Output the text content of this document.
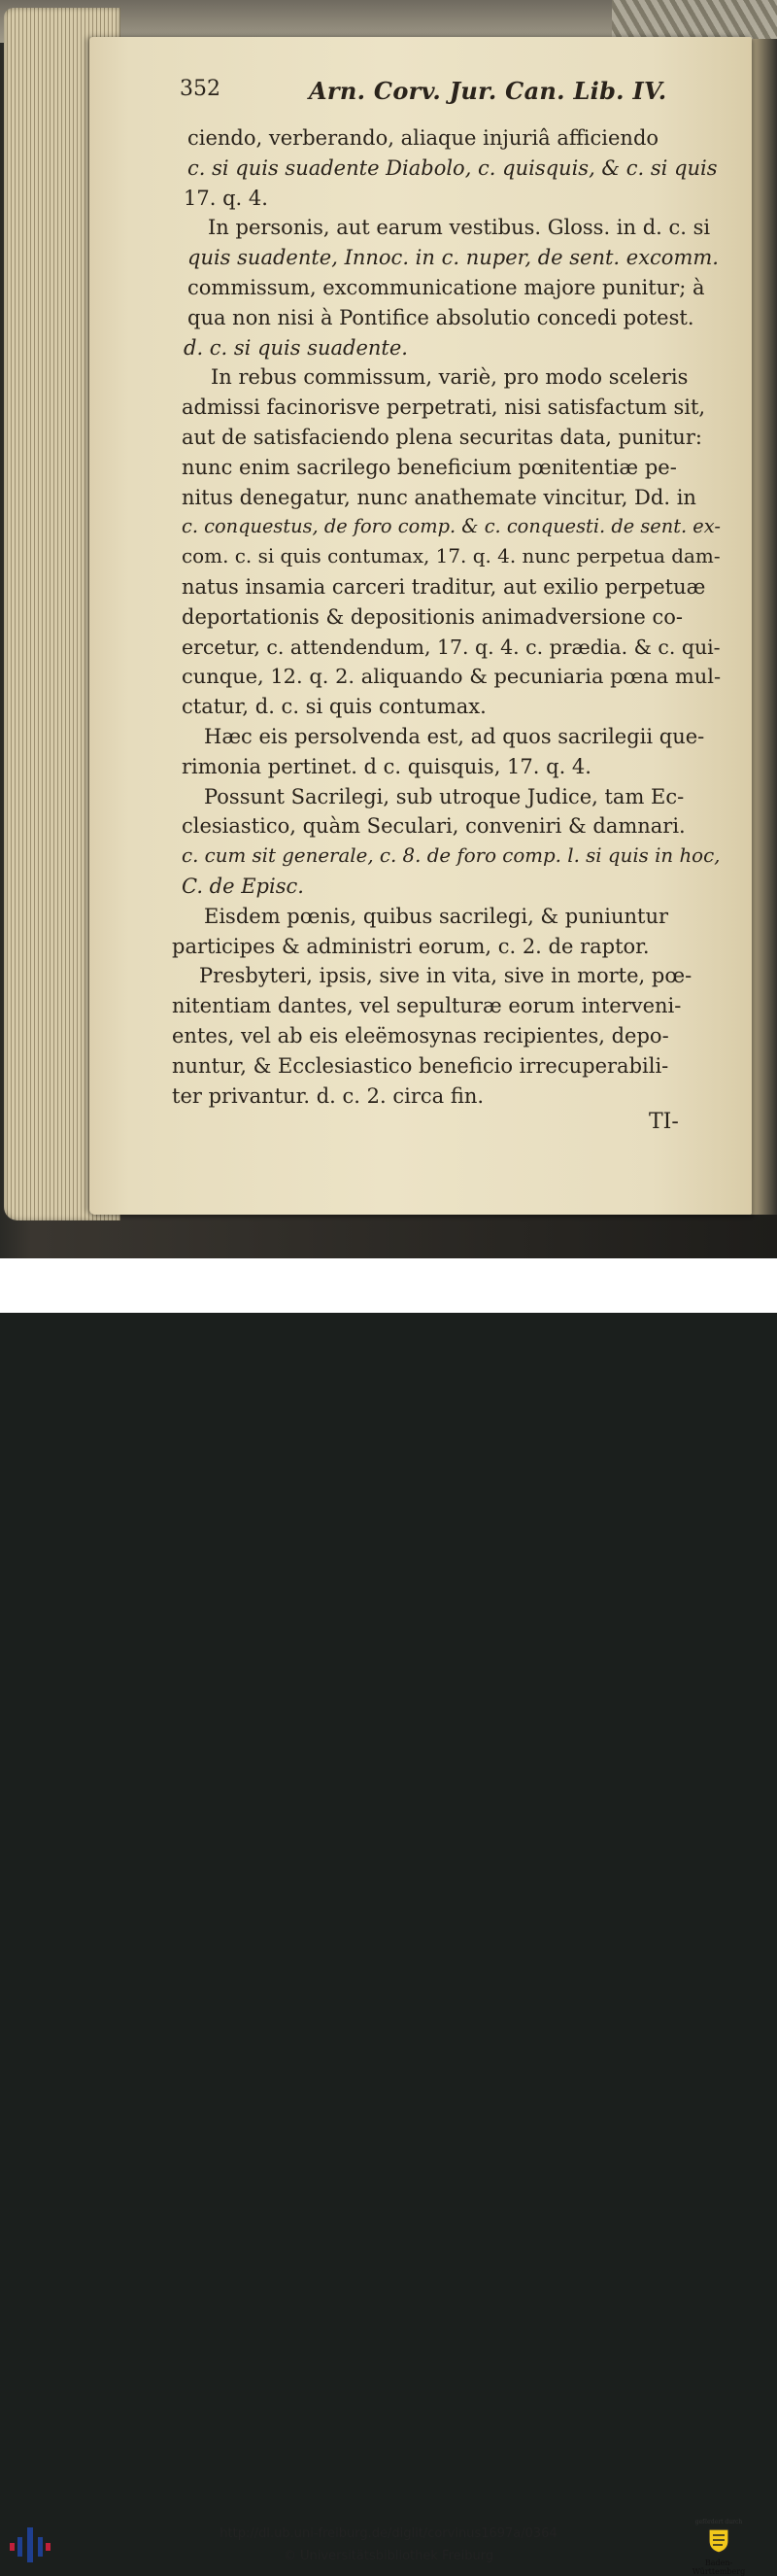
352	Arn. Corv. Jur. Can. Lib. IV.
ciendo, verberando, aliaque injuriâ afficiendo
c. si quis suadente Diabolo, c. quisquis, & c. si quis
17. q. 4.
In personis, aut earum vestibus. Gloss. in d. c. si
quis suadente, Innoc. in c. nuper, de sent. excomm.
commissum, excommunicatione majore punitur; à
qua non nisi à Pontifice absolutio concedi potest.
d. c. si quis suadente.
In rebus commissum, variè, pro modo sceleris
admissi facinorisve perpetrati, nisi satisfactum sit,
aut de satisfaciendo plena securitas data, punitur:
nunc enim sacrilego beneficium pœnitentiæ pe-
nitus denegatur, nunc anathemate vincitur, Dd. in
c. conquestus, de foro comp. & c. conquesti. de sent. ex-
com. c. si quis contumax, 17. q. 4. nunc perpetua dam-
natus insamia carceri traditur, aut exilio perpetuæ
deportationis & depositionis animadversione co-
ercetur, c. attendendum, 17. q. 4. c. prædia. & c. qui-
cunque, 12. q. 2. aliquando & pecuniaria pœna mul-
ctatur, d. c. si quis contumax.
Hæc eis persolvenda est, ad quos sacrilegii que-
rimonia pertinet. d c. quisquis, 17. q. 4.
Possunt Sacrilegi, sub utroque Judice, tam Ec-
clesiastico, quàm Seculari, conveniri & damnari.
c. cum sit generale, c. 8. de foro comp. l. si quis in hoc,
C. de Episc.
Eisdem pœnis, quibus sacrilegi, & puniuntur
participes & administri eorum, c. 2. de raptor.
Presbyteri, ipsis, sive in vita, sive in morte, pœ-
nitentiam dantes, vel sepulturæ eorum interveni-
entes, vel ab eis eleëmosynas recipientes, depo-
nuntur, & Ecclesiastico beneficio irrecuperabili-
ter privantur. d. c. 2. circa fin.
TI-
http://dl.ub.uni-freiburg.de/diglit/corvinus1697a/0364
© Universitätsbibliothek Freiburg
gefördert durch
Baden-Württemberg
